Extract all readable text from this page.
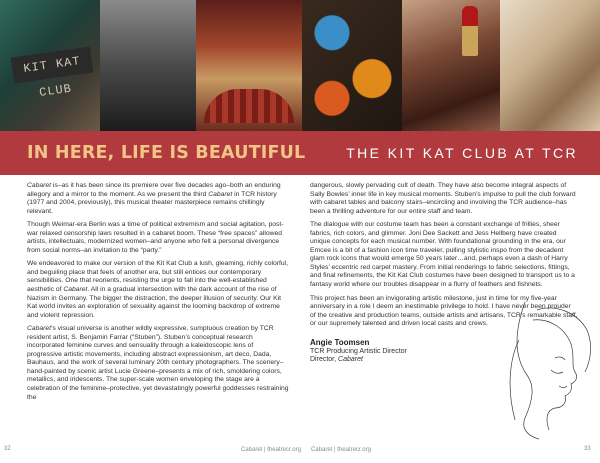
KIT KAT CLUB
IN HERE, LIFE IS BEAUTIFUL	THE KIT KAT CLUB AT TCR

Cabaret is–as it has been since its premiere over five decades ago–both an enduring allegory and a mirror to the moment. As we present the third Cabaret in TCR history (1977 and 2004, previously), this musical theater masterpiece remains chillingly relevant.

Though Weimar-era Berlin was a time of political extremism and social agitation, post-war relaxed censorship laws resulted in a cabaret boom. These “free spaces” allowed artists, intellectuals, modernized women–and anyone who felt a personal divergence from social norms–an invitation to the “party.”

We endeavored to make our version of the Kit Kat Club a lush, gleaming, richly colorful, and beguiling place that feels of another era, but still entices our contemporary sensibilities. One that reorients, resisting the urge to fall into the well-established aesthetic of Cabaret. All in a gradual intersection with the dark account of the rise of Nazism in Germany. The bigger the distraction, the deeper illusion of security. Our Kit Kat world invites an exploration of sexuality against the looming backdrop of extreme and violent repression.

Cabaret’s visual universe is another wildly expressive, sumptuous creation by TCR resident artist, S. Benjamin Farrar (“Stuben”). Stuben’s conceptual research incorporated feminine curves and sensuality through a kaleidoscopic lens of progressive artistic movements, including abstract expressionism, art deco, Dada, Bauhaus, and the work of several luminary 20th century photographers. The scenery–hand-painted by scenic artist Lucie Greene–presents a mix of rich, smoldering colors, metallics, and iridescents. The super-scale women enveloping the stage are a celebration of the feminine–protective, yet devastatingly powerful goddesses restraining the

dangerous, slowly pervading cult of death. They have also become integral aspects of Sally Bowles’ inner life in key musical moments. Stuben’s impulse to pull the club forward with cabaret tables and balcony stairs–encircling and involving the TCR audience–has been a thrilling adventure for our entire staff and team.

The dialogue with our costume team has been a constant exchange of frillies, sheer fabrics, rich colors, and glimmer. Joni Dee Sackett and Jess Hellberg have created unique concepts for each musical number. With foundational grounding in the era, our Emcee is a bit of a fashion icon time traveler, pulling stylistic inspo from the decadent glam rock icons that would emerge 50 years later…and, perhaps even a dash of Harry Styles’ eccentric red carpet mastery. From initial renderings to fabric selections, fittings, and final refinements, the Kit Kat Club costumes have been designed to transport us to a fantasy world where our troubles disappear in a flurry of feathers and fishnets.

This project has been an invigorating artistic milestone, just in time for my five-year anniversary in a role I deem an inestimable privilege to hold. I have never been prouder of the creative and production teams, outside artists and artisans, TCR’s remarkable staff, or our supremely talented and driven local casts and crews.

Angie Toomsen
TCR Producing Artistic Director
Director, Cabaret
32	Cabaret | theatrecr.org Cabaret | theatrecr.org	33
